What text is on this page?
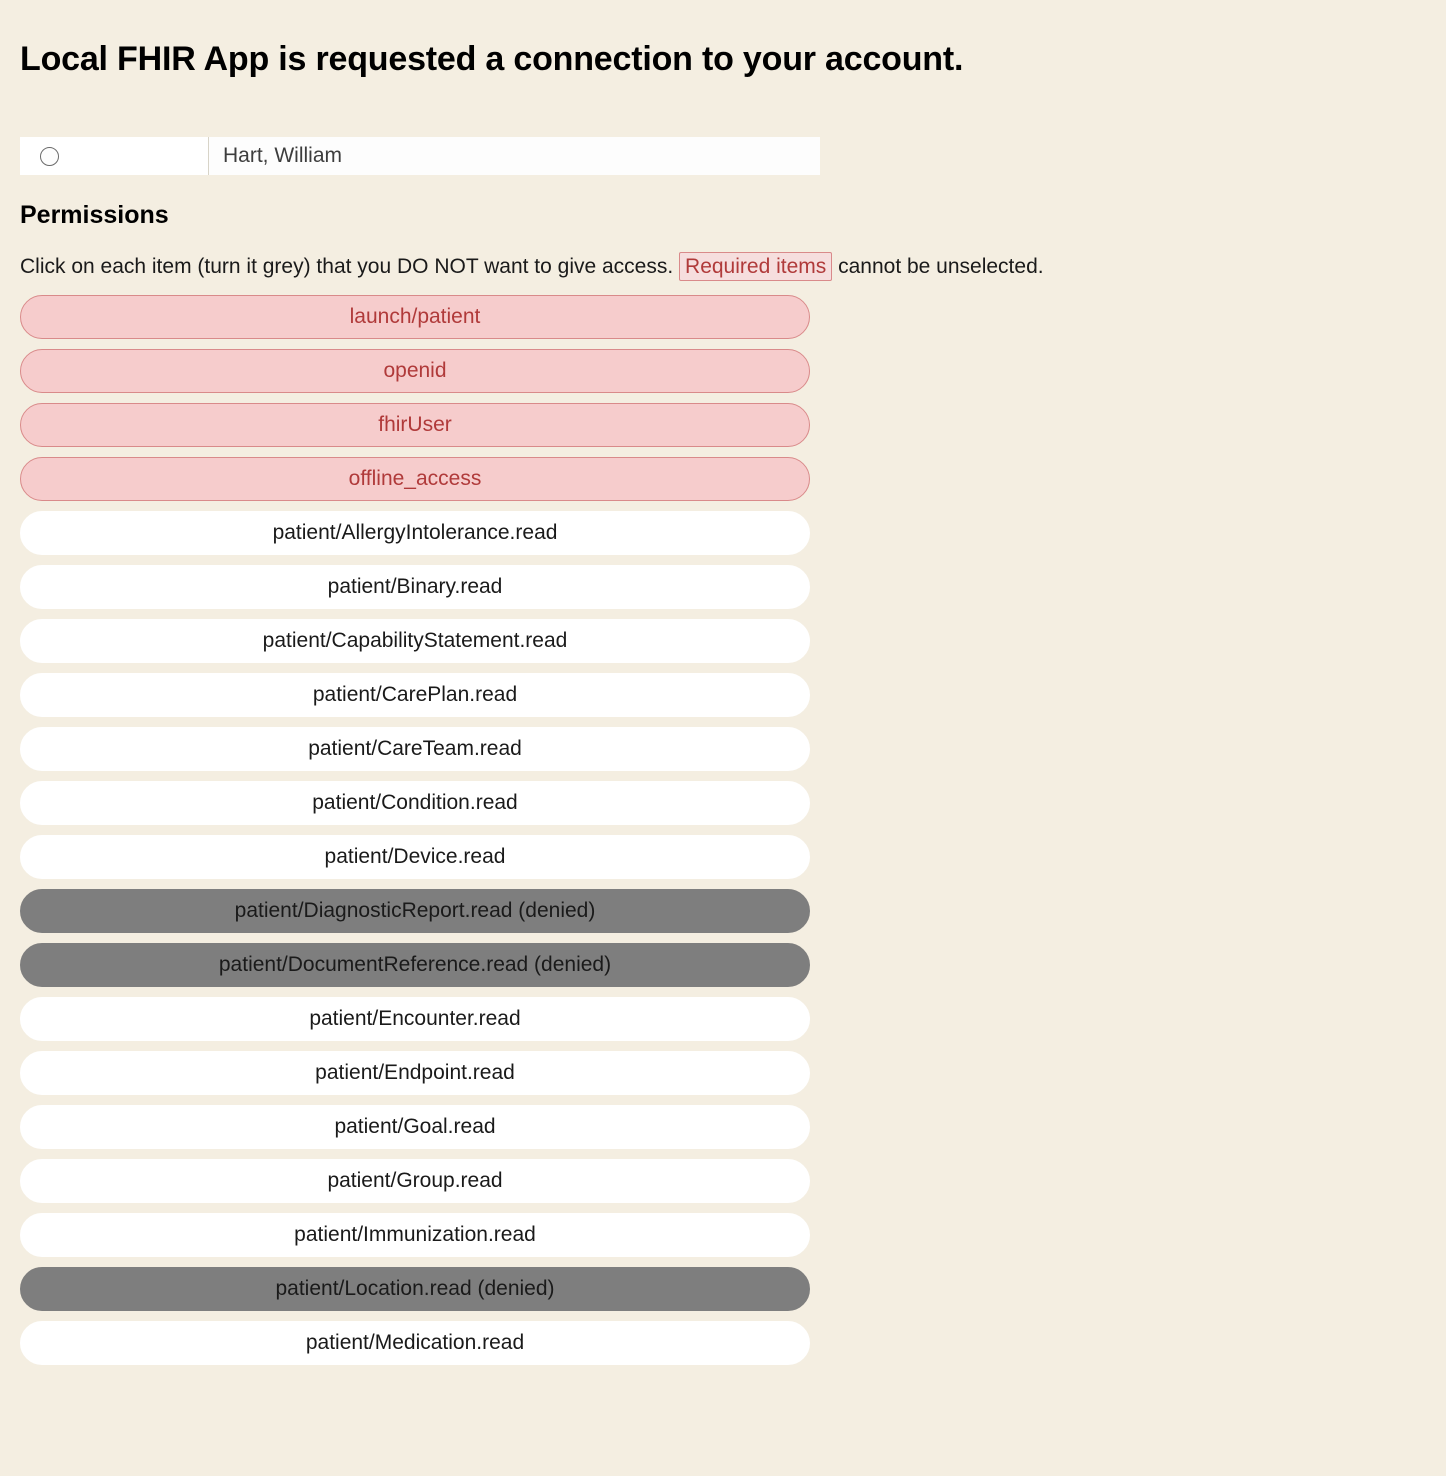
Local FHIR App is requested a connection to your account.
Hart, William
Permissions

Click on each item (turn it grey) that you DO NOT want to give access. Required items cannot be unselected.

launch/patient
openid
fhirUser
offline_access
patient/AllergyIntolerance.read
patient/Binary.read
patient/CapabilityStatement.read
patient/CarePlan.read
patient/CareTeam.read
patient/Condition.read
patient/Device.read
patient/DiagnosticReport.read (denied)
patient/DocumentReference.read (denied)
patient/Encounter.read
patient/Endpoint.read
patient/Goal.read
patient/Group.read
patient/Immunization.read
patient/Location.read (denied)
patient/Medication.read
